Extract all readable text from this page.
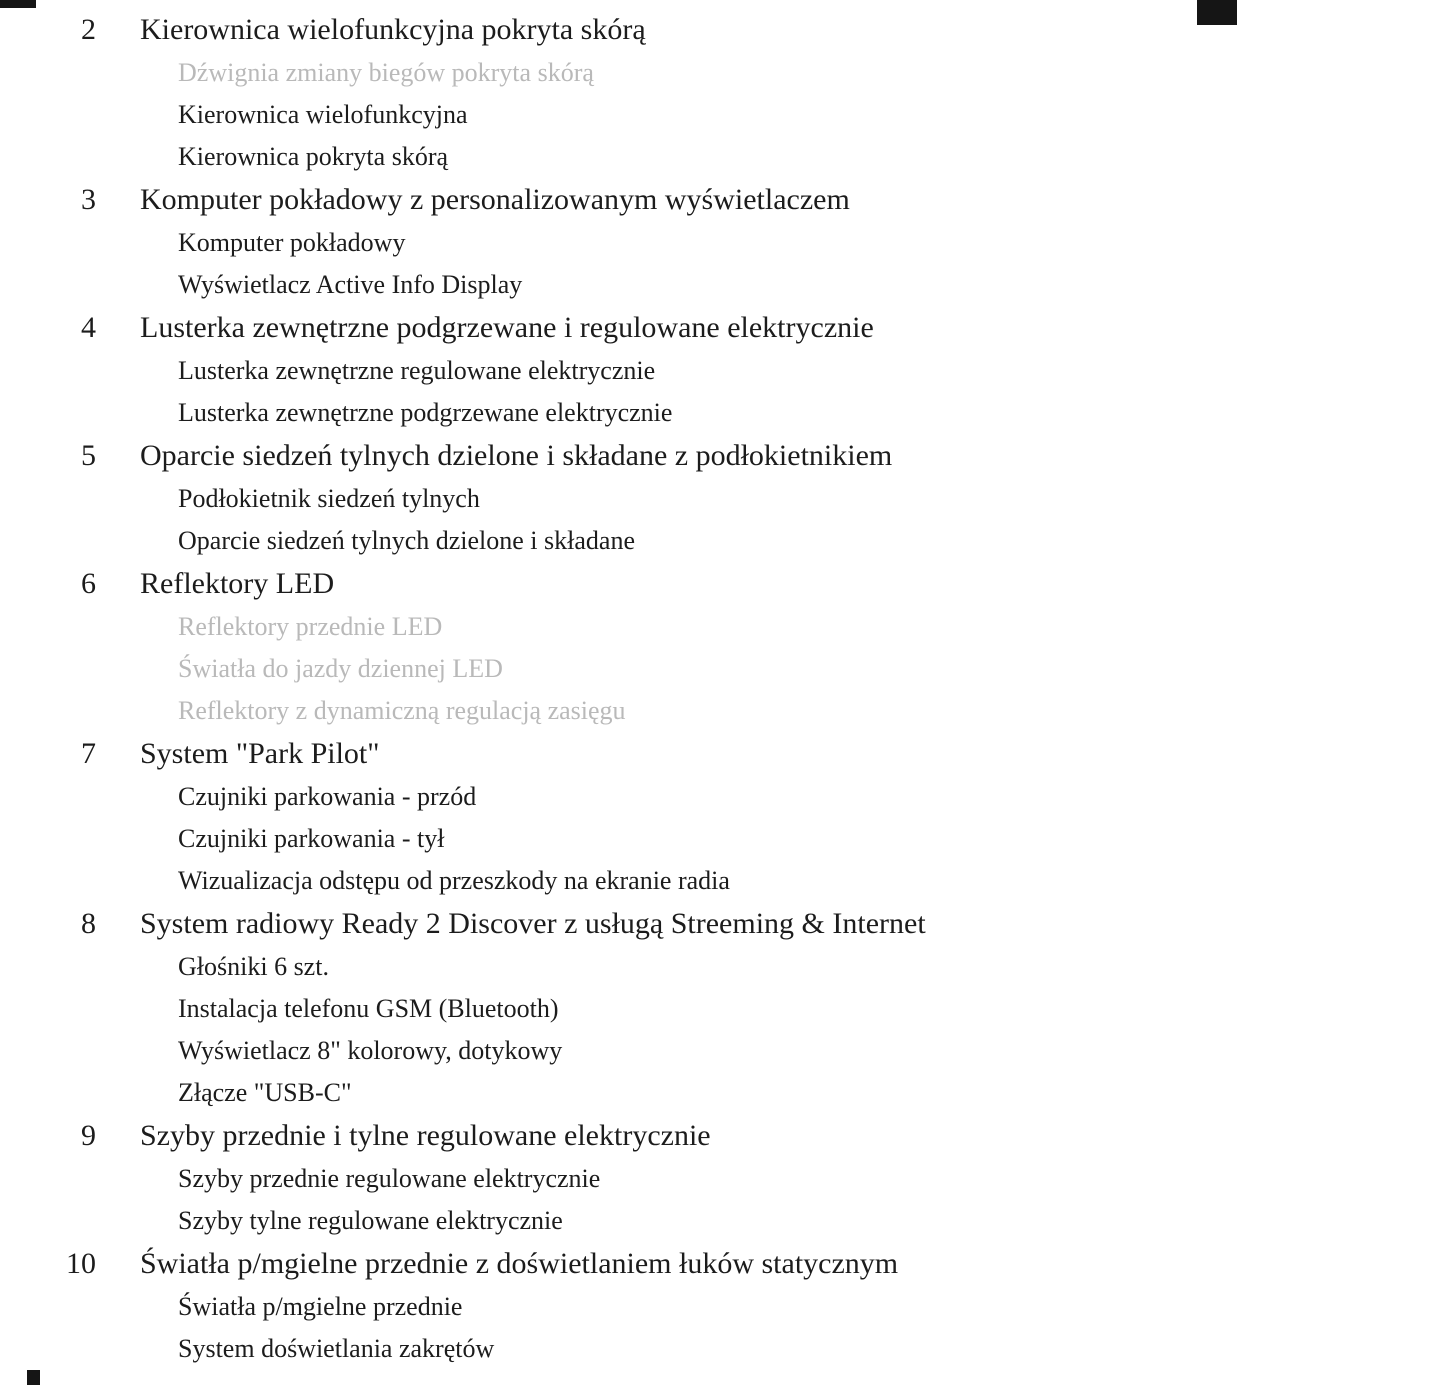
2	Kierownica wielofunkcyjna pokryta skórą
Dźwignia zmiany biegów pokryta skórą
Kierownica wielofunkcyjna
Kierownica pokryta skórą
3	Komputer pokładowy z personalizowanym wyświetlaczem
Komputer pokładowy
Wyświetlacz Active Info Display
4	Lusterka zewnętrzne podgrzewane i regulowane elektrycznie
Lusterka zewnętrzne regulowane elektrycznie
Lusterka zewnętrzne podgrzewane elektrycznie
5	Oparcie siedzeń tylnych dzielone i składane z podłokietnikiem
Podłokietnik siedzeń tylnych
Oparcie siedzeń tylnych dzielone i składane
6	Reflektory LED
Reflektory przednie LED
Światła do jazdy dziennej LED
Reflektory z dynamiczną regulacją zasięgu
7	System "Park Pilot"
Czujniki parkowania - przód
Czujniki parkowania - tył
Wizualizacja odstępu od przeszkody na ekranie radia
8	System radiowy Ready 2 Discover z usługą Streeming & Internet
Głośniki 6 szt.
Instalacja telefonu GSM (Bluetooth)
Wyświetlacz 8" kolorowy, dotykowy
Złącze "USB-C"
9	Szyby przednie i tylne regulowane elektrycznie
Szyby przednie regulowane elektrycznie
Szyby tylne regulowane elektrycznie
10	Światła p/mgielne przednie z doświetlaniem łuków statycznym
Światła p/mgielne przednie
System doświetlania zakrętów
